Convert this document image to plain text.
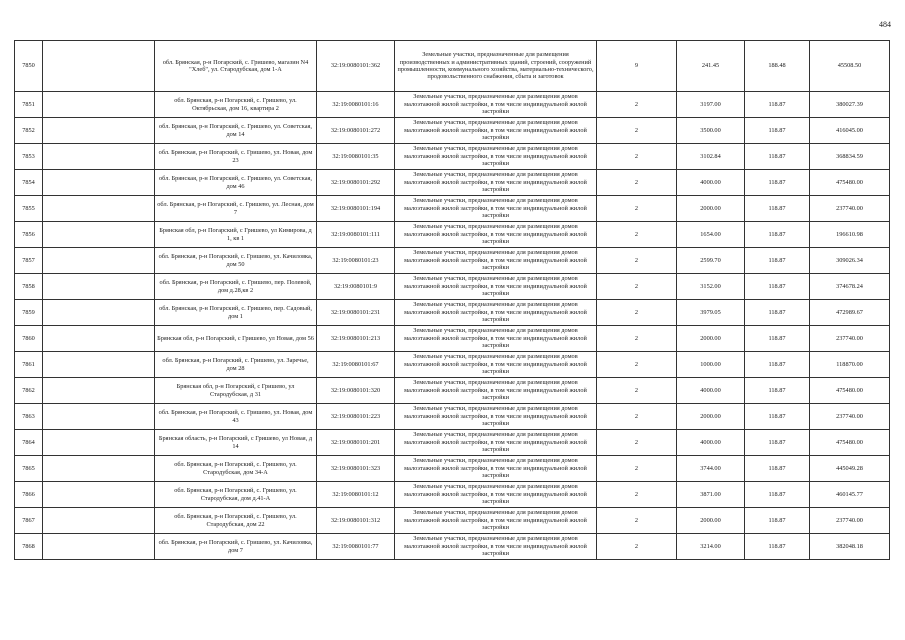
484
7850		обл. Брянская, р-н Погарский, с. Гришево, магазин N4 "Хлеб", ул. Стародубская, дом 1-А	32:19:0080101:362	Земельные участки, предназначенные для размещения производственных и административных зданий, строений, сооружений промышленности, коммунального хозяйства, материально-технического, продовольственного снабжения, сбыта и заготовок	9	241.45	188.48	45508.50
7851		обл. Брянская, р-н Погарский, с. Гришево, ул. Октябрьская, дом 16, квартира 2	32:19:0080101:16	Земельные участки, предназначенные для размещения домов малоэтажной жилой застройки, в том числе индивидуальной жилой застройки	2	3197.00	118.87	380027.39
7852		обл. Брянская, р-н Погарский, с. Гришево, ул. Советская, дом 14	32:19:0080101:272	Земельные участки, предназначенные для размещения домов малоэтажной жилой застройки, в том числе индивидуальной жилой застройки	2	3500.00	118.87	416045.00
7853		обл. Брянская, р-н Погарский, с. Гришево, ул. Новая, дом 23	32:19:0080101:35	Земельные участки, предназначенные для размещения домов малоэтажной жилой застройки, в том числе индивидуальной жилой застройки	2	3102.84	118.87	368834.59
7854		обл. Брянская, р-н Погарский, с. Гришево, ул. Советская, дом 46	32:19:0080101:292	Земельные участки, предназначенные для размещения домов малоэтажной жилой застройки, в том числе индивидуальной жилой застройки	2	4000.00	118.87	475480.00
7855		обл. Брянская, р-н Погарский, с. Гришево, ул. Лесная, дом 7	32:19:0080101:194	Земельные участки, предназначенные для размещения домов малоэтажной жилой застройки, в том числе индивидуальной жилой застройки	2	2000.00	118.87	237740.00
7856		Брянская обл, р-н Погарский, с Гришево, ул Кимирова, д 1, кв 1	32:19:0080101:111	Земельные участки, предназначенные для размещения домов малоэтажной жилой застройки, в том числе индивидуальной жилой застройки	2	1654.00	118.87	196610.98
7857		обл. Брянская, р-н Погарский, с. Гришево, ул. Качиловка, дом 50	32:19:0080101:23	Земельные участки, предназначенные для размещения домов малоэтажной жилой застройки, в том числе индивидуальной жилой застройки	2	2599.70	118.87	309026.34
7858		обл. Брянская, р-н Погарский, с. Гришево, пер. Полевой, дом д.28,кв 2	32:19:0080101:9	Земельные участки, предназначенные для размещения домов малоэтажной жилой застройки, в том числе индивидуальной жилой застройки	2	3152.00	118.87	374678.24
7859		обл. Брянская, р-н Погарский, с. Гришево, пер. Садовый, дом 1	32:19:0080101:231	Земельные участки, предназначенные для размещения домов малоэтажной жилой застройки, в том числе индивидуальной жилой застройки	2	3979.05	118.87	472989.67
7860		Брянская обл, р-н Погарский, с Гришево, ул Новая, дом 56	32:19:0080101:213	Земельные участки, предназначенные для размещения домов малоэтажной жилой застройки, в том числе индивидуальной жилой застройки	2	2000.00	118.87	237740.00
7861		обл. Брянская, р-н Погарский, с. Гришево, ул. Заречье, дом 28	32:19:0080101:67	Земельные участки, предназначенные для размещения домов малоэтажной жилой застройки, в том числе индивидуальной жилой застройки	2	1000.00	118.87	118870.00
7862		Брянская обл, р-н Погарский, с Гришево, ул Стародубская, д 31	32:19:0080101:320	Земельные участки, предназначенные для размещения домов малоэтажной жилой застройки, в том числе индивидуальной жилой застройки	2	4000.00	118.87	475480.00
7863		обл. Брянская, р-н Погарский, с. Гришево, ул. Новая, дом 43	32:19:0080101:223	Земельные участки, предназначенные для размещения домов малоэтажной жилой застройки, в том числе индивидуальной жилой застройки	2	2000.00	118.87	237740.00
7864		Брянская область, р-н Погарский, с Гришево, ул Новая, д 14	32:19:0080101:201	Земельные участки, предназначенные для размещения домов малоэтажной жилой застройки, в том числе индивидуальной жилой застройки	2	4000.00	118.87	475480.00
7865		обл. Брянская, р-н Погарский, с. Гришево, ул. Стародубская, дом 34-А	32:19:0080101:323	Земельные участки, предназначенные для размещения домов малоэтажной жилой застройки, в том числе индивидуальной жилой застройки	2	3744.00	118.87	445049.28
7866		обл. Брянская, р-н Погарский, с. Гришево, ул. Стародубская, дом д.41-А	32:19:0080101:12	Земельные участки, предназначенные для размещения домов малоэтажной жилой застройки, в том числе индивидуальной жилой застройки	2	3871.00	118.87	460145.77
7867		обл. Брянская, р-н Погарский, с. Гришево, ул. Стародубская, дом 22	32:19:0080101:312	Земельные участки, предназначенные для размещения домов малоэтажной жилой застройки, в том числе индивидуальной жилой застройки	2	2000.00	118.87	237740.00
7868		обл. Брянская, р-н Погарский, с. Гришево, ул. Качиловка, дом 7	32:19:0080101:77	Земельные участки, предназначенные для размещения домов малоэтажной жилой застройки, в том числе индивидуальной жилой застройки	2	3214.00	118.87	382048.18
